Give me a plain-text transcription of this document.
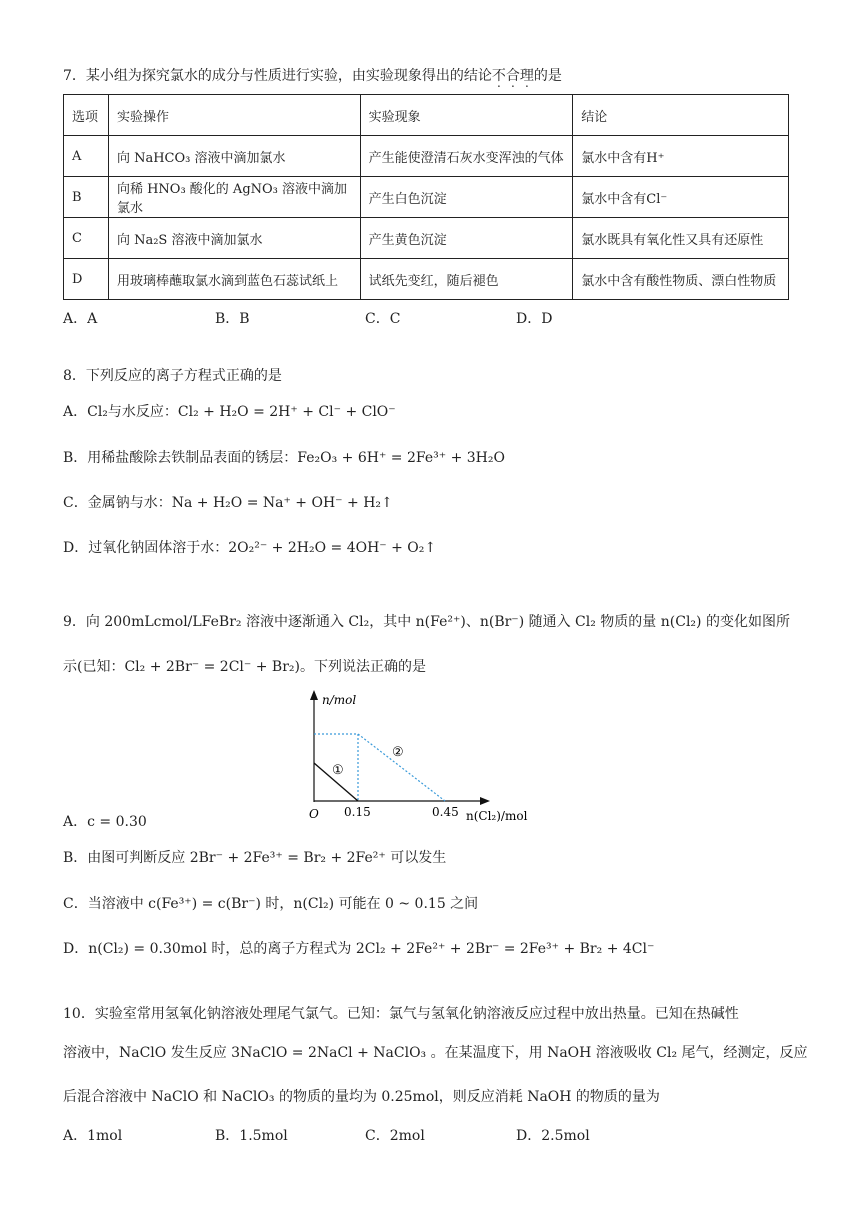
7．某小组为探究氯水的成分与性质进行实验，由实验现象得出的结论不合理的是
选项	实验操作	实验现象	结论
A	向 NaHCO₃ 溶液中滴加氯水	产生能使澄清石灰水变浑浊的气体	氯水中含有H⁺
B	向稀 HNO₃ 酸化的 AgNO₃ 溶液中滴加氯水	产生白色沉淀	氯水中含有Cl⁻
C	向 Na₂S 溶液中滴加氯水	产生黄色沉淀	氯水既具有氧化性又具有还原性
D	用玻璃棒蘸取氯水滴到蓝色石蕊试纸上	试纸先变红，随后褪色	氯水中含有酸性物质、漂白性物质
A．A	B．B	C．C	D．D
8．下列反应的离子方程式正确的是
A．Cl₂与水反应：Cl₂ + H₂O = 2H⁺ + Cl⁻ + ClO⁻
B．用稀盐酸除去铁制品表面的锈层：Fe₂O₃ + 6H⁺ = 2Fe³⁺ + 3H₂O
C．金属钠与水：Na + H₂O = Na⁺ + OH⁻ + H₂↑
D．过氧化钠固体溶于水：2O₂²⁻ + 2H₂O = 4OH⁻ + O₂↑
9．向 200mLcmol/LFeBr₂ 溶液中逐渐通入 Cl₂，其中 n(Fe²⁺)、n(Br⁻) 随通入 Cl₂ 物质的量 n(Cl₂) 的变化如图所
示(已知：Cl₂ + 2Br⁻ = 2Cl⁻ + Br₂)。下列说法正确的是
n/mol
①
②
O 0.15	0.45 n(Cl₂)/mol
A．c = 0.30
B．由图可判断反应 2Br⁻ + 2Fe³⁺ = Br₂ + 2Fe²⁺ 可以发生
C．当溶液中 c(Fe³⁺) = c(Br⁻) 时，n(Cl₂) 可能在 0 ~ 0.15 之间
D．n(Cl₂) = 0.30mol 时，总的离子方程式为 2Cl₂ + 2Fe²⁺ + 2Br⁻ = 2Fe³⁺ + Br₂ + 4Cl⁻
10．实验室常用氢氧化钠溶液处理尾气氯气。已知：氯气与氢氧化钠溶液反应过程中放出热量。已知在热碱性
溶液中，NaClO 发生反应 3NaClO = 2NaCl + NaClO₃ 。在某温度下，用 NaOH 溶液吸收 Cl₂ 尾气，经测定，反应
后混合溶液中 NaClO 和 NaClO₃ 的物质的量均为 0.25mol，则反应消耗 NaOH 的物质的量为
A．1mol	B．1.5mol	C．2mol	D．2.5mol
